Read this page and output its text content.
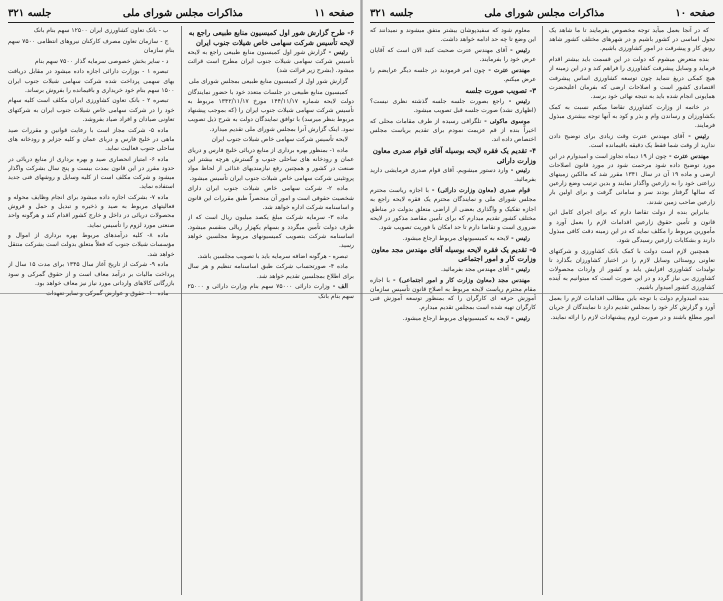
صفحه ۱۱
مذاکرات مجلس شورای ملی
جلسه ۳۲۱

۶- طرح گزارش شور اول کمیسیون منابع طبیعی راجع به لایحه تأسیس شرکت سهامی خاص شیلات جنوب ایران

رئیس - گزارش شور اول کمیسیون منابع طبیعی راجع به لایحه تأسیس شرکت سهامی شیلات جنوب ایران مطرح است قرائت میشود. (بشرح زیر قرائت شد)

گزارش شور اول از کمیسیون منابع طبیعی بمجلس شورای ملی

کمیسیون منابع طبیعی در جلسات متعدد خود با حضور نمایندگان دولت لایحه شماره ۱۴۴/۱۱/۱۷ مورخ ۱۳۴۲/۱۱/۱۷ مربوط به تأسیس شرکت سهامی شیلات جنوب ایران را (که بموجب پیشنهاد مربوط بنظر میرسد) با توافق نمایندگان دولت به شرح ذیل تصویب نمود. اینک گزارش آنرا بمجلس شورای ملی تقدیم میدارد.

لایحه تأسیس شرکت سهامی خاص شیلات جنوب ایران

ماده ۱- بمنظور بهره برداری از منابع دریائی خلیج فارس و دریای عمان و رودخانه های ساحلی جنوب و گسترش هرچه بیشتر این صنعت در کشور و همچنین رفع نیازمندیهای غذائی از لحاظ مواد پروتئینی شرکت سهامی خاص شیلات جنوب ایران تأسیس میشود.

ماده ۲- شرکت سهامی خاص شیلات جنوب ایران دارای شخصیت حقوقی است و امور آن منحصراً طبق مقررات این قانون و اساسنامه شرکت اداره خواهد شد.

ماده ۳- سرمایه شرکت مبلغ یکصد میلیون ریال است که از طرف دولت تأمین میگردد و بسهام یکهزار ریالی منقسم میشود. اساسنامه شرکت بتصویب کمیسیونهای مربوط مجلسین خواهد رسید.

تبصره - هرگونه اضافه سرمایه باید با تصویب مجلسین باشد.

ماده ۴- صورتحساب شرکت طبق اساسنامه تنظیم و هر سال برای اطلاع بمجلسین تقدیم خواهد شد.

الف - وزارت دارائی ۷۵۰۰۰ سهم بنام وزارت دارائی و ۲۵۰۰۰ سهم بنام بانک

ب - بانک تعاون کشاورزی ایران ۱۲۵۰۰ سهم بنام بانک

ج - سازمان تعاون مصرف کارکنان نیروهای انتظامی ۷۵۰۰ سهم بنام سازمان

د - سایر بخش خصوصی سرمایه گذار ۷۵۰۰ سهم بنام

تبصره ۱ - بوزارت دارائی اجازه داده میشود در مقابل دریافت بهای سهمی پرداخت شده شرکت سهامی شیلات جنوب ایران ۱۵۰۰ سهم بنام خود خریداری و باقیمانده را بفروش برساند.

تبصره ۲ - بانک تعاون کشاورزی ایران مکلف است کلیه سهام خود را در شرکت سهامی خاص شیلات جنوب ایران به شرکتهای تعاونی صیادان و افراد صیاد بفروشد.

ماده ۵- شرکت مجاز است با رعایت قوانین و مقررات صید ماهی در خلیج فارس و دریای عمان و کلیه جزایر و رودخانه های ساحلی جنوب فعالیت نماید.

ماده ۶- امتیاز انحصاری صید و بهره برداری از منابع دریائی در حدود مقرر در این قانون بمدت بیست و پنج سال بشرکت واگذار میشود و شرکت مکلف است از کلیه وسایل و روشهای فنی جدید استفاده نماید.

ماده ۷- بشرکت اجازه داده میشود برای انجام وظایف محوله و فعالیتهای مربوط به صید و ذخیره و تبدیل و حمل و فروش محصولات دریائی در داخل و خارج کشور اقدام کند و هرگونه واحد صنعتی مورد لزوم را تأسیس نماید.

ماده ۸- کلیه درآمدهای مربوط بهره برداری از اموال و مؤسسات شیلات جنوب که فعلاً متعلق بدولت است بشرکت منتقل خواهد شد.

ماده ۹- شرکت از تاریخ آغاز سال ۱۳۴۵ برای مدت ۱۵ سال از پرداخت مالیات بر درآمد معاف است و از حقوق گمرکی و سود بازرگانی کالاهای وارداتی مورد نیاز نیز معاف خواهد بود.

ماده ۱۰- حقوق و عوارض گمرکی و سایر تعهدات

صفحه ۱۰
مذاکرات مجلس شورای ملی
جلسه ۳۲۱

که در آنجا بعمل میآید توجه مخصوص بفرمایند تا ما شاهد یک تحول اساسی در کشور باشیم و در شهرهای مختلف کشور شاهد رونق کار و پیشرفت در امور کشاورزی باشیم.

بنده متعرض میشوم که دولت در این قسمت باید بیشتر اقدام فرماید و وسایل پیشرفت کشاورزی را فراهم کند و در این زمینه از هیچ کمکی دریغ ننماید چون توسعه کشاورزی اساس پیشرفت اقتصادی کشور است و اصلاحات ارضی که بفرمان اعلیحضرت همایونی انجام شده باید به نتیجه نهائی خود برسد.

در خاتمه از وزارت کشاورزی تقاضا میکنم نسبت به کمک بکشاورزان و رساندن وام و بذر و کود به آنها توجه بیشتری مبذول فرمایند.

رئیس - آقای مهندس عترت وقت زیادی برای توضیح دادن ندارید از وقت شما فقط یک دقیقه باقیمانده است.

مهندس عترت - چون از ۱۹ دیماه تجاوز است و امیدوارم در این مورد توضیح داده شود مرحمت شود در مورد قانون اصلاحات ارضی و ماده ۱۹ آن در سال ۱۳۴۱ مقرر شد که مالکین زمینهای زراعتی خود را به زارعین واگذار نمایند و بدین ترتیب وضع زارعین که سالها گرفتار بودند سر و سامانی گرفت و برای اولین بار زارعین صاحب زمین شدند.

بنابراین بنده از دولت تقاضا دارم که برای اجرای کامل این قانون و تأمین حقوق زارعین اقدامات لازم را بعمل آورد و مأمورین مربوط را مکلف نماید که در این زمینه دقت کافی مبذول دارند و بشکایات زارعین رسیدگی شود.

همچنین لازم است دولت با کمک بانک کشاورزی و شرکتهای تعاونی روستائی وسایل لازم را در اختیار کشاورزان بگذارد تا تولیدات کشاورزی افزایش یابد و کشور از واردات محصولات کشاورزی بی نیاز گردد و در این صورت است که میتوانیم به آینده کشاورزی کشور امیدوار باشیم.

بنده امیدوارم دولت با توجه باین مطالب اقدامات لازم را بعمل آورد و گزارش کار خود را بمجلس تقدیم دارد تا نمایندگان از جریان امور مطلع باشند و در صورت لزوم پیشنهادات لازم را ارائه نمایند.

معلوم شود که سفیدپوشان بیشتر متفق میشوند و نمیدانند که این وضع تا چه حد ادامه خواهد داشت.

رئیس - آقای مهندس عترت صحبت کنید الان است که آقایان عرض خود را بفرمایند.

مهندس عترت - چون امر فرمودید در جلسه دیگر عرایضم را عرض میکنم.

۳- تصویب صورت جلسه

رئیس - راجع بصورت جلسه جلسه گذشته نظری نیست؟ (اظهاری نشد) صورت جلسه قبل تصویب میشود.

موسوی ماکوئی - تلگرافی رسیده از طرف مقامات محلی که اخیراً بنده از قم عزیمت نمودم برای تقدیم بریاست مجلس اختصاص داده اند.

۴- تقدیم یک فقره لایحه بوسیله آقای قوام صدری معاون وزارت دارائی

رئیس - وارد دستور میشویم. آقای قوام صدری فرمایشی دارید بفرمائید.

قوام صدری (معاون وزارت دارائی) - با اجازه ریاست محترم مجلس شورای ملی و نمایندگان محترم یک فقره لایحه راجع به اجازه تفکیک و واگذاری بعضی از اراضی متعلق بدولت در مناطق مختلف کشور تقدیم میدارم که برای تأمین مقاصد مذکور در لایحه ضروری است و تقاضا دارم تا حد امکان با فوریت تصویب شود.

رئیس - لایحه به کمیسیونهای مربوط ارجاع میشود.

۵- تقدیم یک فقره لایحه بوسیله آقای مهندس مجد معاون وزارت کار و امور اجتماعی

رئیس - آقای مهندس مجد بفرمائید.

مهندس مجد (معاون وزارت کار و امور اجتماعی) - با اجازه مقام محترم ریاست لایحه مربوط به اصلاح قانون تأسیس سازمان آموزش حرفه ای کارگران را که بمنظور توسعه آموزش فنی کارگران تهیه شده است بمجلس تقدیم میدارم.

رئیس - لایحه به کمیسیونهای مربوط ارجاع میشود.
